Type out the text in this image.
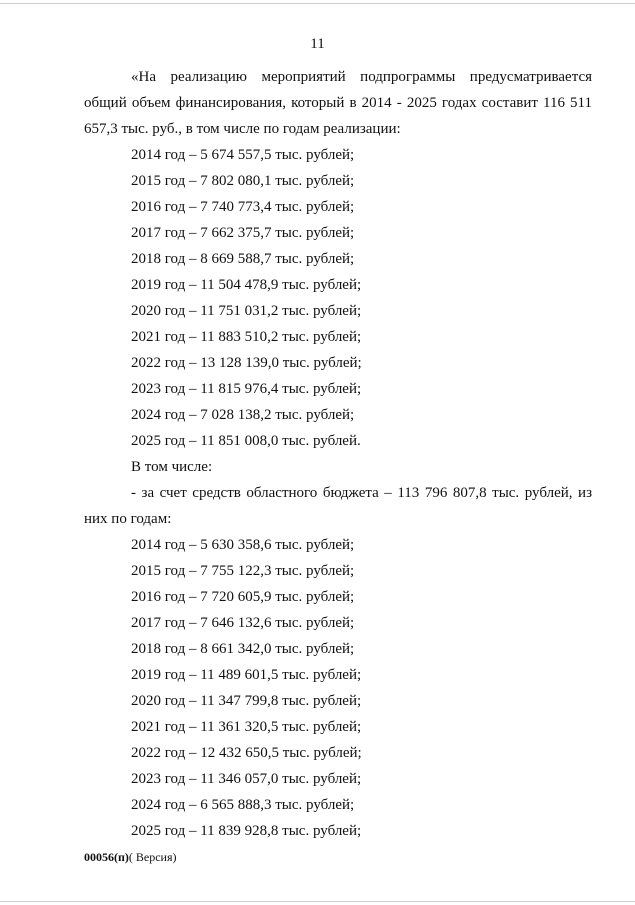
11
«На реализацию мероприятий подпрограммы предусматривается общий объем финансирования, который в 2014 - 2025 годах составит 116 511 657,3 тыс. руб., в том числе по годам реализации:
2014 год – 5 674 557,5 тыс. рублей;
2015 год – 7 802 080,1 тыс. рублей;
2016 год – 7 740 773,4 тыс. рублей;
2017 год – 7 662 375,7 тыс. рублей;
2018 год – 8 669 588,7 тыс. рублей;
2019 год – 11 504 478,9 тыс. рублей;
2020 год – 11 751 031,2 тыс. рублей;
2021 год – 11 883 510,2 тыс. рублей;
2022 год – 13 128 139,0 тыс. рублей;
2023 год – 11 815 976,4 тыс. рублей;
2024 год – 7 028 138,2 тыс. рублей;
2025 год – 11 851 008,0 тыс. рублей.
В том числе:
- за счет средств областного бюджета – 113 796 807,8 тыс. рублей, из них по годам:
2014 год – 5 630 358,6 тыс. рублей;
2015 год – 7 755 122,3 тыс. рублей;
2016 год – 7 720 605,9 тыс. рублей;
2017 год – 7 646 132,6 тыс. рублей;
2018 год – 8 661 342,0 тыс. рублей;
2019 год – 11 489 601,5 тыс. рублей;
2020 год – 11 347 799,8 тыс. рублей;
2021 год – 11 361 320,5 тыс. рублей;
2022 год – 12 432 650,5 тыс. рублей;
2023 год – 11 346 057,0 тыс. рублей;
2024 год – 6 565 888,3 тыс. рублей;
2025 год – 11 839 928,8 тыс. рублей;
00056(п)( Версия)
